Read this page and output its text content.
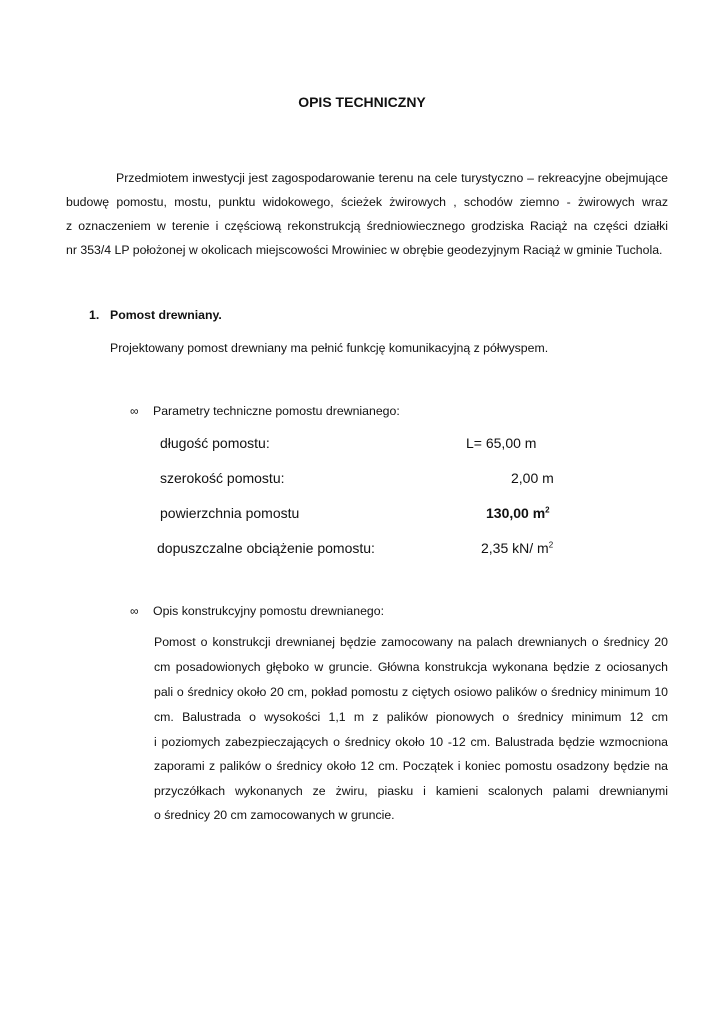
OPIS TECHNICZNY
Przedmiotem inwestycji jest zagospodarowanie terenu na cele turystyczno – rekreacyjne obejmujące
budowę pomostu, mostu, punktu widokowego, ścieżek żwirowych , schodów ziemno - żwirowych wraz
z oznaczeniem w terenie i częściową rekonstrukcją średniowiecznego grodziska Raciąż na części działki
nr 353/4 LP położonej w okolicach miejscowości Mrowiniec w obrębie geodezyjnym Raciąż w gminie Tuchola.
1. Pomost drewniany.
Projektowany pomost drewniany ma pełnić funkcję komunikacyjną z półwyspem.
∞ Parametry techniczne pomostu drewnianego:
długość pomostu:	L= 65,00 m
szerokość pomostu:	2,00 m
powierzchnia pomostu	130,00 $m^2$
dopuszczalne obciążenie pomostu:	2,35 kN/ $m^2$
∞ Opis konstrukcyjny pomostu drewnianego:
Pomost o konstrukcji drewnianej będzie zamocowany na palach drewnianych o średnicy 20
cm posadowionych głęboko w gruncie. Główna konstrukcja wykonana będzie z ociosanych
pali o średnicy około 20 cm, pokład pomostu z ciętych osiowo palików o średnicy minimum 10
cm. Balustrada o wysokości 1,1 m z palików pionowych o średnicy minimum 12 cm
i poziomych zabezpieczających o średnicy około 10 -12 cm. Balustrada będzie wzmocniona
zaporami z palików o średnicy około 12 cm. Początek i koniec pomostu osadzony będzie na
przyczółkach wykonanych ze żwiru, piasku i kamieni scalonych palami drewnianymi
o średnicy 20 cm zamocowanych w gruncie.
